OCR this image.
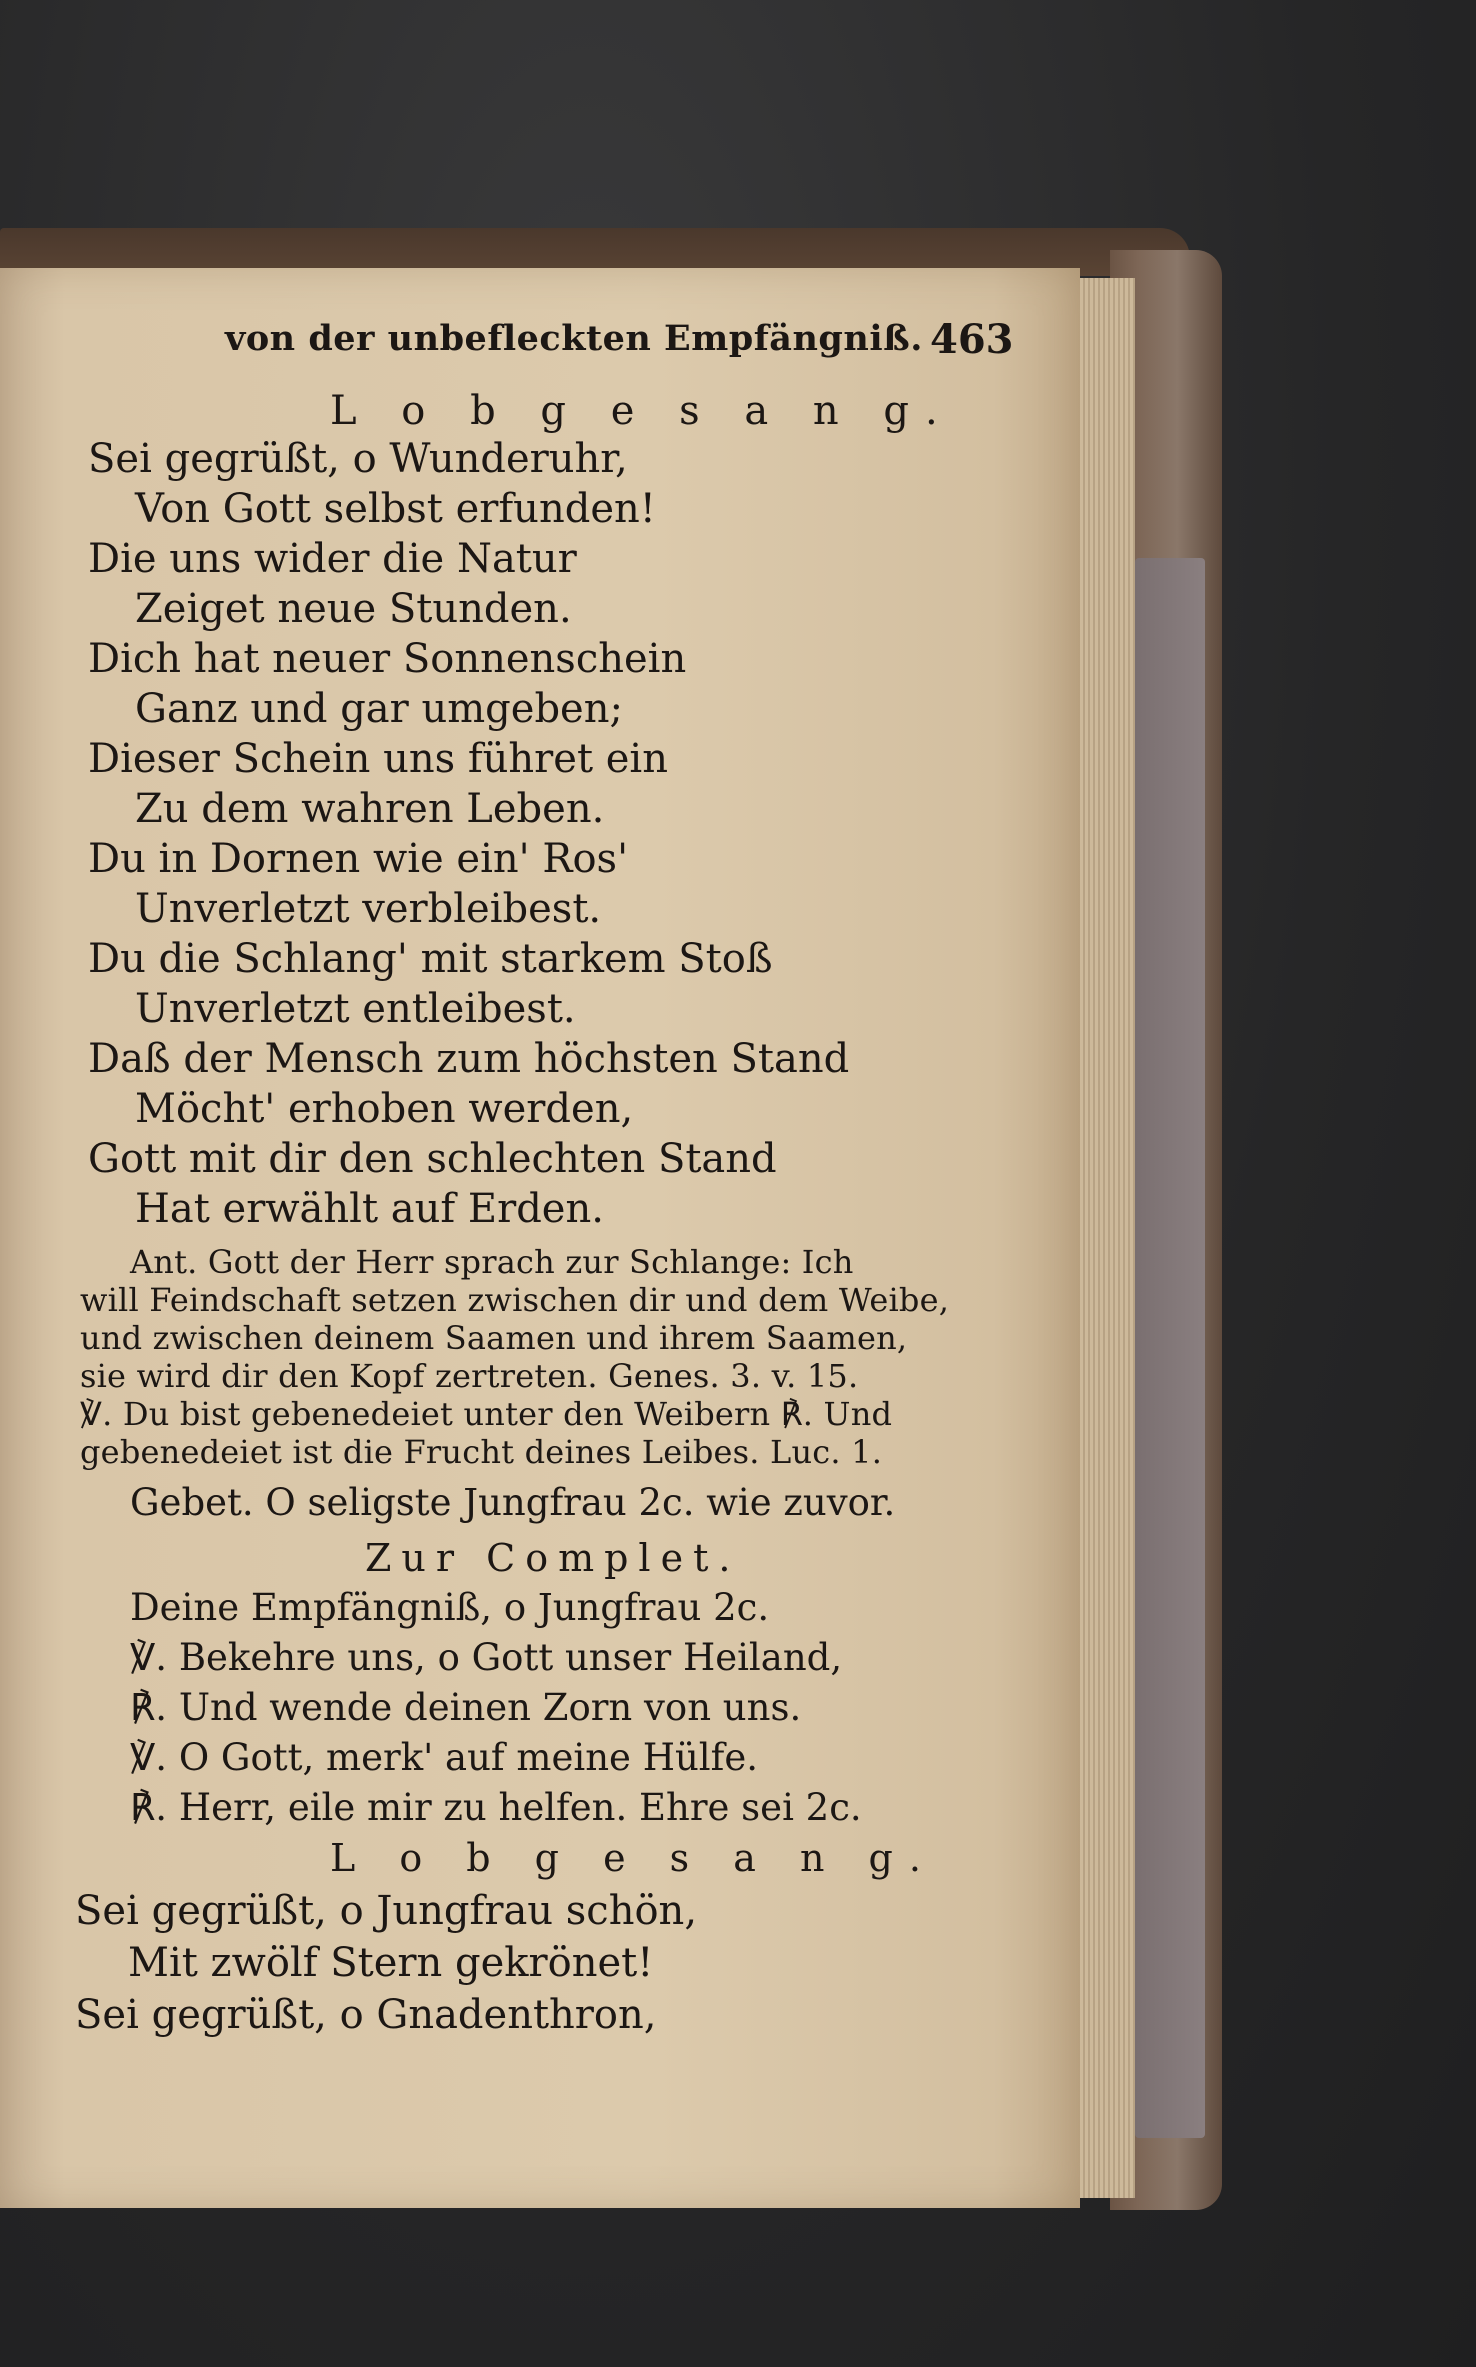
von der unbefleckten Empfängniß. 463
L o b g e s a n g.
Sei gegrüßt, o Wunderuhr,
Von Gott selbst erfunden!
Die uns wider die Natur
Zeiget neue Stunden.
Dich hat neuer Sonnenschein
Ganz und gar umgeben;
Dieser Schein uns führet ein
Zu dem wahren Leben.
Du in Dornen wie ein' Ros'
Unverletzt verbleibest.
Du die Schlang' mit starkem Stoß
Unverletzt entleibest.
Daß der Mensch zum höchsten Stand
Möcht' erhoben werden,
Gott mit dir den schlechten Stand
Hat erwählt auf Erden.
Ant. Gott der Herr sprach zur Schlange: Ich
will Feindschaft setzen zwischen dir und dem Weibe,
und zwischen deinem Saamen und ihrem Saamen,
sie wird dir den Kopf zertreten. Genes. 3. v. 15.
℣. Du bist gebenedeiet unter den Weibern ℟. Und
gebenedeiet ist die Frucht deines Leibes. Luc. 1.
Gebet. O seligste Jungfrau 2c. wie zuvor.
Zur Complet.
Deine Empfängniß, o Jungfrau 2c.
℣. Bekehre uns, o Gott unser Heiland,
℟. Und wende deinen Zorn von uns.
℣. O Gott, merk' auf meine Hülfe.
℟. Herr, eile mir zu helfen. Ehre sei 2c.
L o b g e s a n g.
Sei gegrüßt, o Jungfrau schön,
Mit zwölf Stern gekrönet!
Sei gegrüßt, o Gnadenthron,
